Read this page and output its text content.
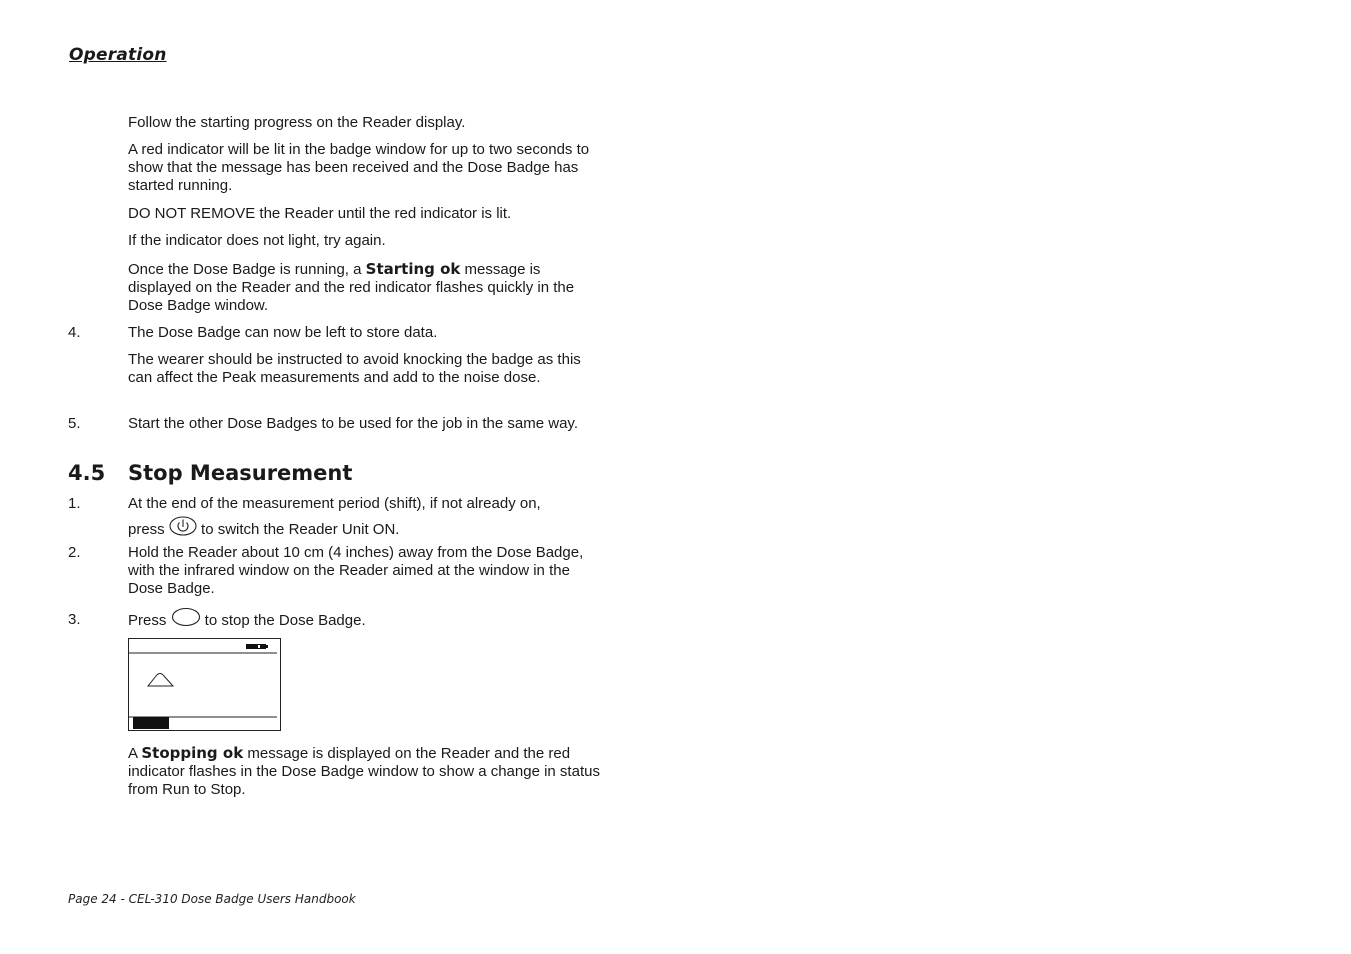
Operation
Follow the starting progress on the Reader display.
A red indicator will be lit in the badge window for up to two seconds to show that the message has been received and the Dose Badge has started running.
DO NOT REMOVE the Reader until the red indicator is lit.
If the indicator does not light, try again.
Once the Dose Badge is running, a Starting ok message is displayed on the Reader and the red indicator flashes quickly in the Dose Badge window.
4.	The Dose Badge can now be left to store data.
The wearer should be instructed to avoid knocking the badge as this can affect the Peak measurements and add to the noise dose.
5.	Start the other Dose Badges to be used for the job in the same way.
4.5 Stop Measurement
1.	At the end of the measurement period (shift), if not already on,
press  to switch the Reader Unit ON.
2.	Hold the Reader about 10 cm (4 inches) away from the Dose Badge, with the infrared window on the Reader aimed at the window in the Dose Badge.
3.	Press  to stop the Dose Badge.
A Stopping ok message is displayed on the Reader and the red indicator flashes in the Dose Badge window to show a change in status from Run to Stop.
Page 24 - CEL-310 Dose Badge Users Handbook
